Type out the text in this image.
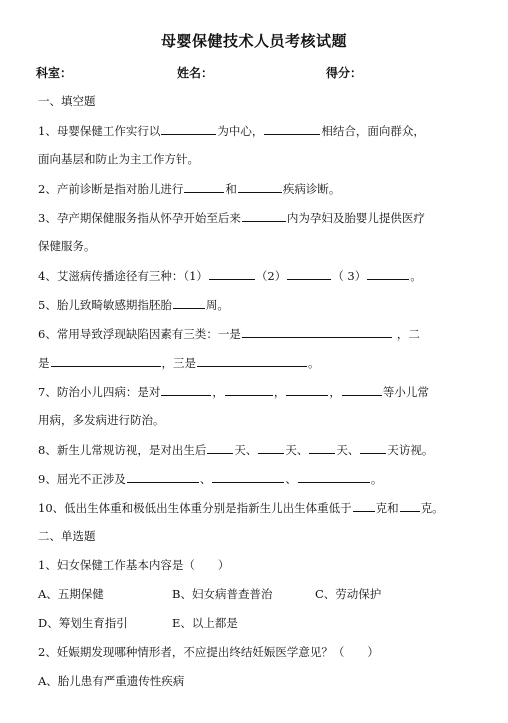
母婴保健技术人员考核试题
科室：	姓名：	得分：
一、填空题
1、母婴保健工作实行以	为中心，	相结合，面向群众，
面向基层和防止为主工作方针。
2、产前诊断是指对胎儿进行	和	疾病诊断。
3、孕产期保健服务指从怀孕开始至后来	内为孕妇及胎婴儿提供医疗
保健服务。
4、艾滋病传播途径有三种：（1）	（2）	（ 3）	。
5、胎儿致畸敏感期指胚胎	周。
6、常用导致浮现缺陷因素有三类：一是	，二
是	，三是	。
7、防治小儿四病：是对	，	，	，	等小儿常
用病，多发病进行防治。
8、新生儿常规访视，是对出生后 天、 天、 天、 天访视。
9、屈光不正涉及	、	、	。
10、低出生体重和极低出生体重分别是指新生儿出生体重低于 克和 克。
二、单选题
1、妇女保健工作基本内容是（　　）
A、五期保健	B、妇女病普查普治	C、劳动保护
D、筹划生育指引	E、以上都是
2、妊娠期发现哪种情形者，不应提出终结妊娠医学意见？（　　）
A、胎儿患有严重遗传性疾病
